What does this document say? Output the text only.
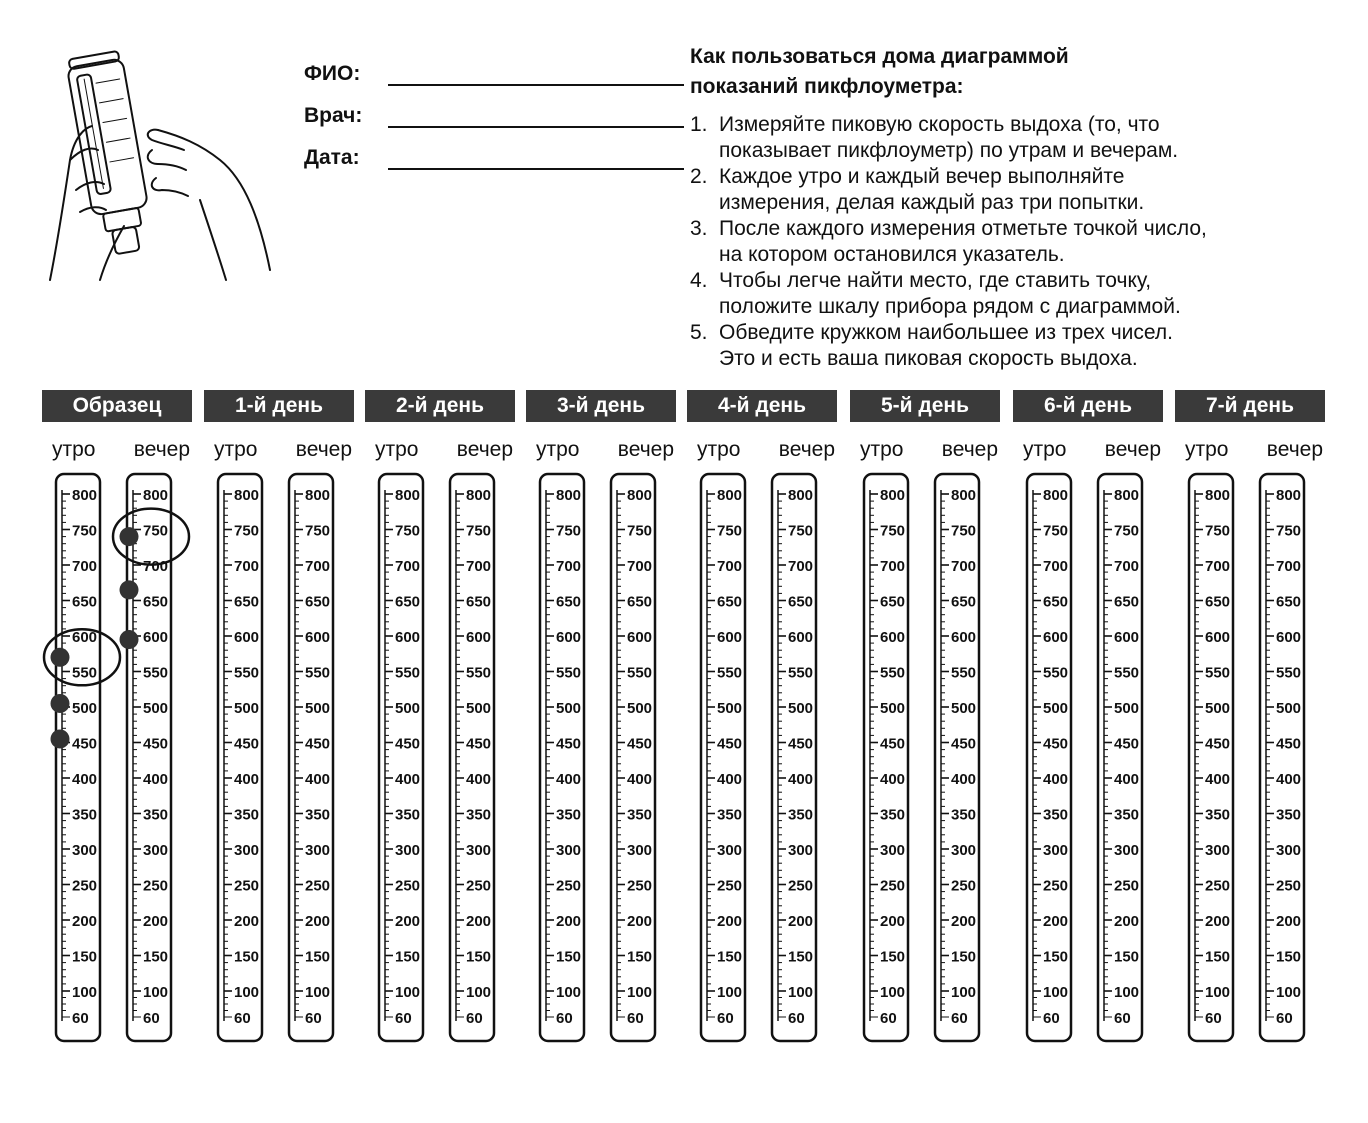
ФИО:
Врач:
Дата:
Как пользоваться дома диаграммой
показаний пикфлоуметра:
1. Измеряйте пиковую скорость выдоха (то, что
показывает пикфлоуметр) по утрам и вечерам.
2. Каждое утро и каждый вечер выполняйте
измерения, делая каждый раз три попытки.
3. После каждого измерения отметьте точкой число,
на котором остановился указатель.
4. Чтобы легче найти место, где ставить точку,
положите шкалу прибора рядом с диаграммой.
5. Обведите кружком наибольшее из трех чисел.
Это и есть ваша пиковая скорость выдоха.
Образец
утро вечер
1-й день
утро вечер
2-й день
утро вечер
3-й день
утро вечер
4-й день
утро вечер
5-й день
утро вечер
6-й день
утро вечер
7-й день
утро вечер
800
750
700
650
600
550
500
450
400
350
300
250
200
150
100
60
800
750
700
650
600
550
500
450
400
350
300
250
200
150
100
60
800
750
700
650
600
550
500
450
400
350
300
250
200
150
100
60
800
750
700
650
600
550
500
450
400
350
300
250
200
150
100
60
800
750
700
650
600
550
500
450
400
350
300
250
200
150
100
60
800
750
700
650
600
550
500
450
400
350
300
250
200
150
100
60
800
750
700
650
600
550
500
450
400
350
300
250
200
150
100
60
800
750
700
650
600
550
500
450
400
350
300
250
200
150
100
60
800
750
700
650
600
550
500
450
400
350
300
250
200
150
100
60
800
750
700
650
600
550
500
450
400
350
300
250
200
150
100
60
800
750
700
650
600
550
500
450
400
350
300
250
200
150
100
60
800
750
700
650
600
550
500
450
400
350
300
250
200
150
100
60
800
750
700
650
600
550
500
450
400
350
300
250
200
150
100
60
800
750
700
650
600
550
500
450
400
350
300
250
200
150
100
60
800
750
700
650
600
550
500
450
400
350
300
250
200
150
100
60
800
750
700
650
600
550
500
450
400
350
300
250
200
150
100
60
